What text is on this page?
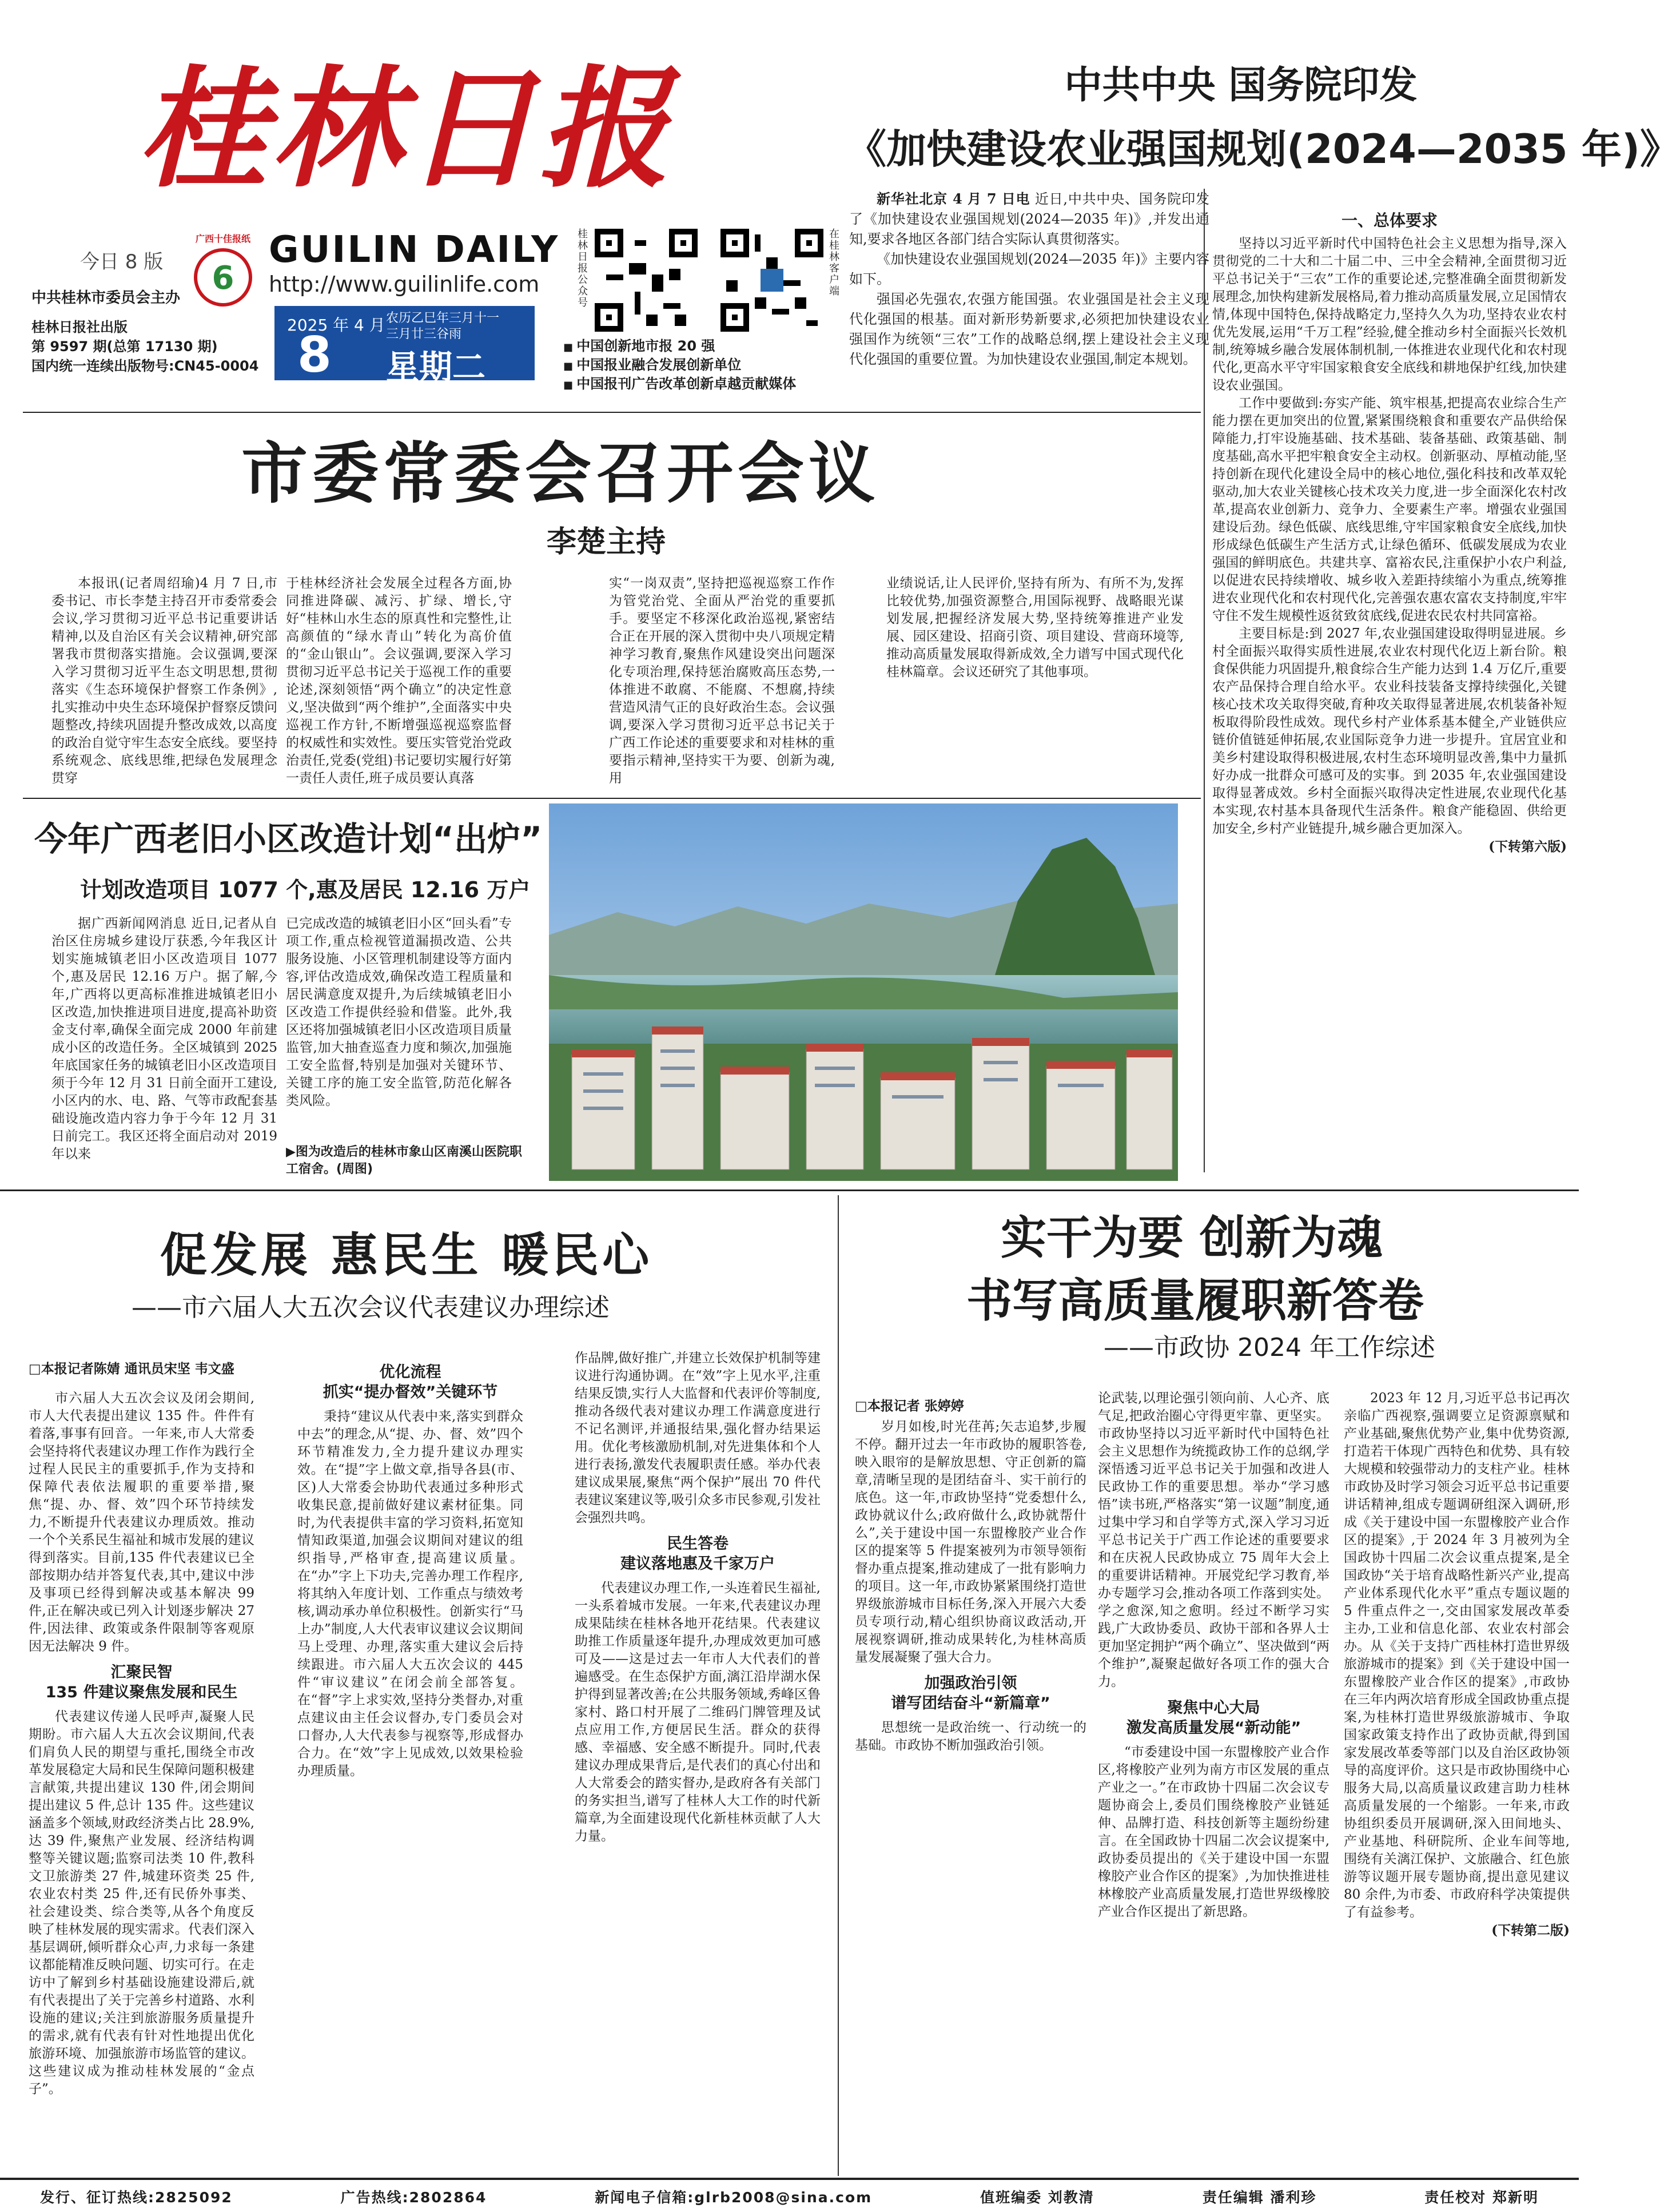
桂林日报
今日 8 版
中共桂林市委员会主办
6
广西十佳报纸 GUILIN DAILY
http://www.guilinlife.com
桂林日报社出版
第 9597 期(总第 17130 期)
国内统一连续出版物号:CN45-0004
2025 年 4 月
8
农历乙巳年三月十一
三月廿三谷雨
星期二
桂林日报公众号
在桂林客户端
■ 中国创新地市报 20 强
■ 中国报业融合发展创新单位
■ 中国报刊广告改革创新卓越贡献媒体
中共中央 国务院印发
《加快建设农业强国规划(2024—2035 年)》

新华社北京 4 月 7 日电 近日,中共中央、国务院印发了《加快建设农业强国规划(2024—2035 年)》,并发出通知,要求各地区各部门结合实际认真贯彻落实。

《加快建设农业强国规划(2024—2035 年)》主要内容如下。

强国必先强农,农强方能国强。农业强国是社会主义现代化强国的根基。面对新形势新要求,必须把加快建设农业强国作为统领“三农”工作的战略总纲,摆上建设社会主义现代化强国的重要位置。为加快建设农业强国,制定本规划。

一、总体要求

坚持以习近平新时代中国特色社会主义思想为指导,深入贯彻党的二十大和二十届二中、三中全会精神,全面贯彻习近平总书记关于“三农”工作的重要论述,完整准确全面贯彻新发展理念,加快构建新发展格局,着力推动高质量发展,立足国情农情,体现中国特色,保持战略定力,坚持久久为功,坚持农业农村优先发展,运用“千万工程”经验,健全推动乡村全面振兴长效机制,统筹城乡融合发展体制机制,一体推进农业现代化和农村现代化,更高水平守牢国家粮食安全底线和耕地保护红线,加快建设农业强国。

工作中要做到:夯实产能、筑牢根基,把提高农业综合生产能力摆在更加突出的位置,紧紧围绕粮食和重要农产品供给保障能力,打牢设施基础、技术基础、装备基础、政策基础、制度基础,高水平把牢粮食安全主动权。创新驱动、厚植动能,坚持创新在现代化建设全局中的核心地位,强化科技和改革双轮驱动,加大农业关键核心技术攻关力度,进一步全面深化农村改革,提高农业创新力、竞争力、全要素生产率。增强农业强国建设后劲。绿色低碳、底线思维,守牢国家粮食安全底线,加快形成绿色低碳生产生活方式,让绿色循环、低碳发展成为农业强国的鲜明底色。共建共享、富裕农民,注重保护小农户利益,以促进农民持续增收、城乡收入差距持续缩小为重点,统筹推进农业现代化和农村现代化,完善强农惠农富农支持制度,牢牢守住不发生规模性返贫致贫底线,促进农民农村共同富裕。

主要目标是:到 2027 年,农业强国建设取得明显进展。乡村全面振兴取得实质性进展,农业农村现代化迈上新台阶。粮食保供能力巩固提升,粮食综合生产能力达到 1.4 万亿斤,重要农产品保持合理自给水平。农业科技装备支撑持续强化,关键核心技术攻关取得突破,育种攻关取得显著进展,农机装备补短板取得阶段性成效。现代乡村产业体系基本健全,产业链供应链价值链延伸拓展,农业国际竞争力进一步提升。宜居宜业和美乡村建设取得积极进展,农村生态环境明显改善,集中力量抓好办成一批群众可感可及的实事。到 2035 年,农业强国建设取得显著成效。乡村全面振兴取得决定性进展,农业现代化基本实现,农村基本具备现代生活条件。粮食产能稳固、供给更加安全,乡村产业链提升,城乡融合更加深入。

(下转第六版)

市委常委会召开会议
李楚主持
本报讯(记者周绍瑜)4 月 7 日,市委书记、市长李楚主持召开市委常委会会议,学习贯彻习近平总书记重要讲话精神,以及自治区有关会议精神,研究部署我市贯彻落实措施。会议强调,要深入学习贯彻习近平生态文明思想,贯彻落实《生态环境保护督察工作条例》,扎实推动中央生态环境保护督察反馈问题整改,持续巩固提升整改成效,以高度的政治自觉守牢生态安全底线。要坚持系统观念、底线思维,把绿色发展理念贯穿
于桂林经济社会发展全过程各方面,协同推进降碳、减污、扩绿、增长,守好“桂林山水生态的原真性和完整性,让高颜值的“绿水青山”转化为高价值的“金山银山”。会议强调,要深入学习贯彻习近平总书记关于巡视工作的重要论述,深刻领悟“两个确立”的决定性意义,坚决做到“两个维护”,全面落实中央巡视工作方针,不断增强巡视巡察监督的权威性和实效性。要压实管党治党政治责任,党委(党组)书记要切实履行好第一责任人责任,班子成员要认真落
实“一岗双责”,坚持把巡视巡察工作作为管党治党、全面从严治党的重要抓手。要坚定不移深化政治巡视,紧密结合正在开展的深入贯彻中央八项规定精神学习教育,聚焦作风建设突出问题深化专项治理,保持惩治腐败高压态势,一体推进不敢腐、不能腐、不想腐,持续营造风清气正的良好政治生态。会议强调,要深入学习贯彻习近平总书记关于广西工作论述的重要要求和对桂林的重要指示精神,坚持实干为要、创新为魂,用
业绩说话,让人民评价,坚持有所为、有所不为,发挥比较优势,加强资源整合,用国际视野、战略眼光谋划发展,把握经济发展大势,坚持统筹推进产业发展、园区建设、招商引资、项目建设、营商环境等,推动高质量发展取得新成效,全力谱写中国式现代化桂林篇章。会议还研究了其他事项。
今年广西老旧小区改造计划“出炉”
计划改造项目 1077 个,惠及居民 12.16 万户
据广西新闻网消息 近日,记者从自治区住房城乡建设厅获悉,今年我区计划实施城镇老旧小区改造项目 1077 个,惠及居民 12.16 万户。据了解,今年,广西将以更高标准推进城镇老旧小区改造,加快推进项目进度,提高补助资金支付率,确保全面完成 2000 年前建成小区的改造任务。全区城镇到 2025 年底国家任务的城镇老旧小区改造项目须于今年 12 月 31 日前全面开工建设,小区内的水、电、路、气等市政配套基础设施改造内容力争于今年 12 月 31 日前完工。我区还将全面启动对 2019 年以来
已完成改造的城镇老旧小区“回头看”专项工作,重点检视管道漏损改造、公共服务设施、小区管理机制建设等方面内容,评估改造成效,确保改造工程质量和居民满意度双提升,为后续城镇老旧小区改造工作提供经验和借鉴。此外,我区还将加强城镇老旧小区改造项目质量监管,加大抽查巡查力度和频次,加强施工安全监督,特别是加强对关键环节、关键工序的施工安全监管,防范化解各类风险。
▶图为改造后的桂林市象山区南溪山医院职工宿舍。(周图)
促发展 惠民生 暖民心
——市六届人大五次会议代表建议办理综述
□本报记者陈婧 通讯员宋坚 韦文盛

市六届人大五次会议及闭会期间,市人大代表提出建议 135 件。件件有着落,事事有回音。一年来,市人大常委会坚持将代表建议办理工作作为践行全过程人民民主的重要抓手,作为支持和保障代表依法履职的重要举措,聚焦“提、办、督、效”四个环节持续发力,不断提升代表建议办理质效。推动一个个关系民生福祉和城市发展的建议得到落实。目前,135 件代表建议已全部按期办结并答复代表,其中,建议中涉及事项已经得到解决或基本解决 99 件,正在解决或已列入计划逐步解决 27 件,因法律、政策或条件限制等客观原因无法解决 9 件。

汇聚民智
135 件建议聚焦发展和民生

代表建议传递人民呼声,凝聚人民期盼。市六届人大五次会议期间,代表们肩负人民的期望与重托,围绕全市改革发展稳定大局和民生保障问题积极建言献策,共提出建议 130 件,闭会期间提出建议 5 件,总计 135 件。这些建议涵盖多个领域,财政经济类占比 28.9%,达 39 件,聚焦产业发展、经济结构调整等关键议题;监察司法类 10 件,教科文卫旅游类 27 件,城建环资类 25 件,农业农村类 25 件,还有民侨外事类、社会建设类、综合类等,从各个角度反映了桂林发展的现实需求。代表们深入基层调研,倾听群众心声,力求每一条建议都能精准反映问题、切实可行。在走访中了解到乡村基础设施建设滞后,就有代表提出了关于完善乡村道路、水利设施的建议;关注到旅游服务质量提升的需求,就有代表有针对性地提出优化旅游环境、加强旅游市场监管的建议。这些建议成为推动桂林发展的“金点子”。

优化流程
抓实“提办督效”关键环节

秉持“建议从代表中来,落实到群众中去”的理念,从“提、办、督、效”四个环节精准发力,全力提升建议办理实效。在“提”字上做文章,指导各县(市、区)人大常委会协助代表通过多种形式收集民意,提前做好建议素材征集。同时,为代表提供丰富的学习资料,拓宽知情知政渠道,加强会议期间对建议的组织指导,严格审查,提高建议质量。在“办”字上下功夫,完善办理工作程序,将其纳入年度计划、工作重点与绩效考核,调动承办单位积极性。创新实行“马上办”制度,人大代表审议建议会议期间马上受理、办理,落实重大建议会后持续跟进。市六届人大五次会议的 445 件“审议建议”在闭会前全部答复。在“督”字上求实效,坚持分类督办,对重点建议由主任会议督办,专门委员会对口督办,人大代表参与视察等,形成督办合力。在“效”字上见成效,以效果检验办理质量。

作品牌,做好推广,并建立长效保护机制等建议进行沟通协调。在“效”字上见水平,注重结果反馈,实行人大监督和代表评价等制度,推动各级代表对建议办理工作满意度进行不记名测评,并通报结果,强化督办结果运用。优化考核激励机制,对先进集体和个人进行表扬,激发代表履职责任感。举办代表建议成果展,聚焦“两个保护”展出 70 件代表建议案建议等,吸引众多市民参观,引发社会强烈共鸣。

民生答卷
建议落地惠及千家万户

代表建议办理工作,一头连着民生福祉,一头系着城市发展。一年来,代表建议办理成果陆续在桂林各地开花结果。代表建议助推工作质量逐年提升,办理成效更加可感可及——这是过去一年市人大代表们的普遍感受。在生态保护方面,漓江沿岸湖水保护得到显著改善;在公共服务领域,秀峰区鲁家村、路口村开展了二维码门牌管理及试点应用工作,方便居民生活。群众的获得感、幸福感、安全感不断提升。同时,代表建议办理成果背后,是代表们的真心付出和人大常委会的踏实督办,是政府各有关部门的务实担当,谱写了桂林人大工作的时代新篇章,为全面建设现代化新桂林贡献了人大力量。

实干为要 创新为魂
书写高质量履职新答卷
——市政协 2024 年工作综述
□本报记者 张婷婷

岁月如梭,时光荏苒;矢志追梦,步履不停。翻开过去一年市政协的履职答卷,映入眼帘的是解放思想、守正创新的篇章,清晰呈现的是团结奋斗、实干前行的底色。这一年,市政协坚持“党委想什么,政协就议什么;政府做什么,政协就帮什么”,关于建设中国一东盟橡胶产业合作区的提案等 5 件提案被列为市领导领衔督办重点提案,推动建成了一批有影响力的项目。这一年,市政协紧紧围绕打造世界级旅游城市目标任务,深入开展六大委员专项行动,精心组织协商议政活动,开展视察调研,推动成果转化,为桂林高质量发展凝聚了强大合力。

加强政治引领
谱写团结奋斗“新篇章”

思想统一是政治统一、行动统一的基础。市政协不断加强政治引领。

论武装,以理论强引领向前、人心齐、底气足,把政治圈心守得更牢靠、更坚实。市政协坚持以习近平新时代中国特色社会主义思想作为统揽政协工作的总纲,学深悟透习近平总书记关于加强和改进人民政协工作的重要思想。举办“学习感悟”读书班,严格落实“第一议题”制度,通过集中学习和自学等方式,深入学习习近平总书记关于广西工作论述的重要要求和在庆祝人民政协成立 75 周年大会上的重要讲话精神。开展党纪学习教育,举办专题学习会,推动各项工作落到实处。学之愈深,知之愈明。经过不断学习实践,广大政协委员、政协干部和各界人士更加坚定拥护“两个确立”、坚决做到“两个维护”,凝聚起做好各项工作的强大合力。

聚焦中心大局
激发高质量发展“新动能”

“市委建设中国一东盟橡胶产业合作区,将橡胶产业列为南方市区发展的重点产业之一。”在市政协十四届二次会议专题协商会上,委员们围绕橡胶产业链延伸、品牌打造、科技创新等主题纷纷建言。在全国政协十四届二次会议提案中,政协委员提出的《关于建设中国一东盟橡胶产业合作区的提案》,为加快推进桂林橡胶产业高质量发展,打造世界级橡胶产业合作区提出了新思路。

2023 年 12 月,习近平总书记再次亲临广西视察,强调要立足资源禀赋和产业基础,聚焦优势产业,集中优势资源,打造若干体现广西特色和优势、具有较大规模和较强带动力的支柱产业。桂林市政协及时学习领会习近平总书记重要讲话精神,组成专题调研组深入调研,形成《关于建设中国一东盟橡胶产业合作区的提案》,于 2024 年 3 月被列为全国政协十四届二次会议重点提案,是全国政协“关于培育战略性新兴产业,提高产业体系现代化水平”重点专题议题的 5 件重点件之一,交由国家发展改革委主办,工业和信息化部、农业农村部会办。从《关于支持广西桂林打造世界级旅游城市的提案》到《关于建设中国一东盟橡胶产业合作区的提案》,市政协在三年内两次培育形成全国政协重点提案,为桂林打造世界级旅游城市、争取国家政策支持作出了政协贡献,得到国家发展改革委等部门以及自治区政协领导的高度评价。这只是市政协围绕中心服务大局,以高质量议政建言助力桂林高质量发展的一个缩影。一年来,市政协组织委员开展调研,深入田间地头、产业基地、科研院所、企业车间等地,围绕有关漓江保护、文旅融合、红色旅游等议题开展专题协商,提出意见建议 80 余件,为市委、市政府科学决策提供了有益参考。

(下转第二版)

发行、征订热线:2825092	广告热线:2802864	新闻电子信箱:glrb2008@sina.com	值班编委 刘教清	责任编辑 潘利珍	责任校对 郑新明
